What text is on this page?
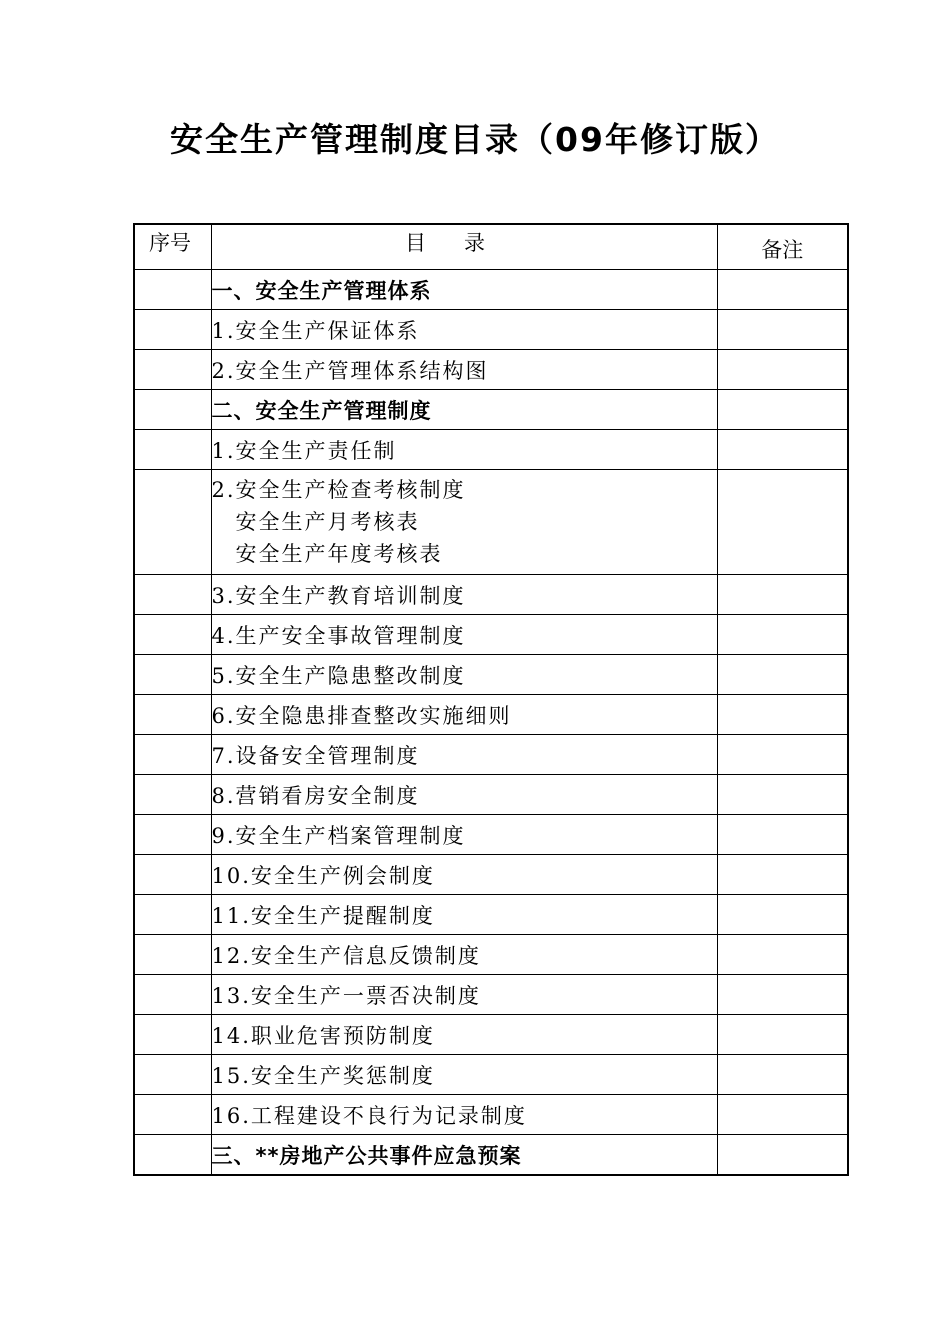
安全生产管理制度目录（09年修订版）
序号	目录	备注
	一、安全生产管理体系	
	1.安全生产保证体系	
	2.安全生产管理体系结构图	
	二、安全生产管理制度	
	1.安全生产责任制	

	2.安全生产检查考核制度
安全生产月考核表
安全生产年度考核表	

	3.安全生产教育培训制度	
	4.生产安全事故管理制度	
	5.安全生产隐患整改制度	
	6.安全隐患排查整改实施细则	
	7.设备安全管理制度	
	8.营销看房安全制度	
	9.安全生产档案管理制度	
	10.安全生产例会制度	
	11.安全生产提醒制度	
	12.安全生产信息反馈制度	
	13.安全生产一票否决制度	
	14.职业危害预防制度	
	15.安全生产奖惩制度	
	16.工程建设不良行为记录制度	
	三、**房地产公共事件应急预案	
